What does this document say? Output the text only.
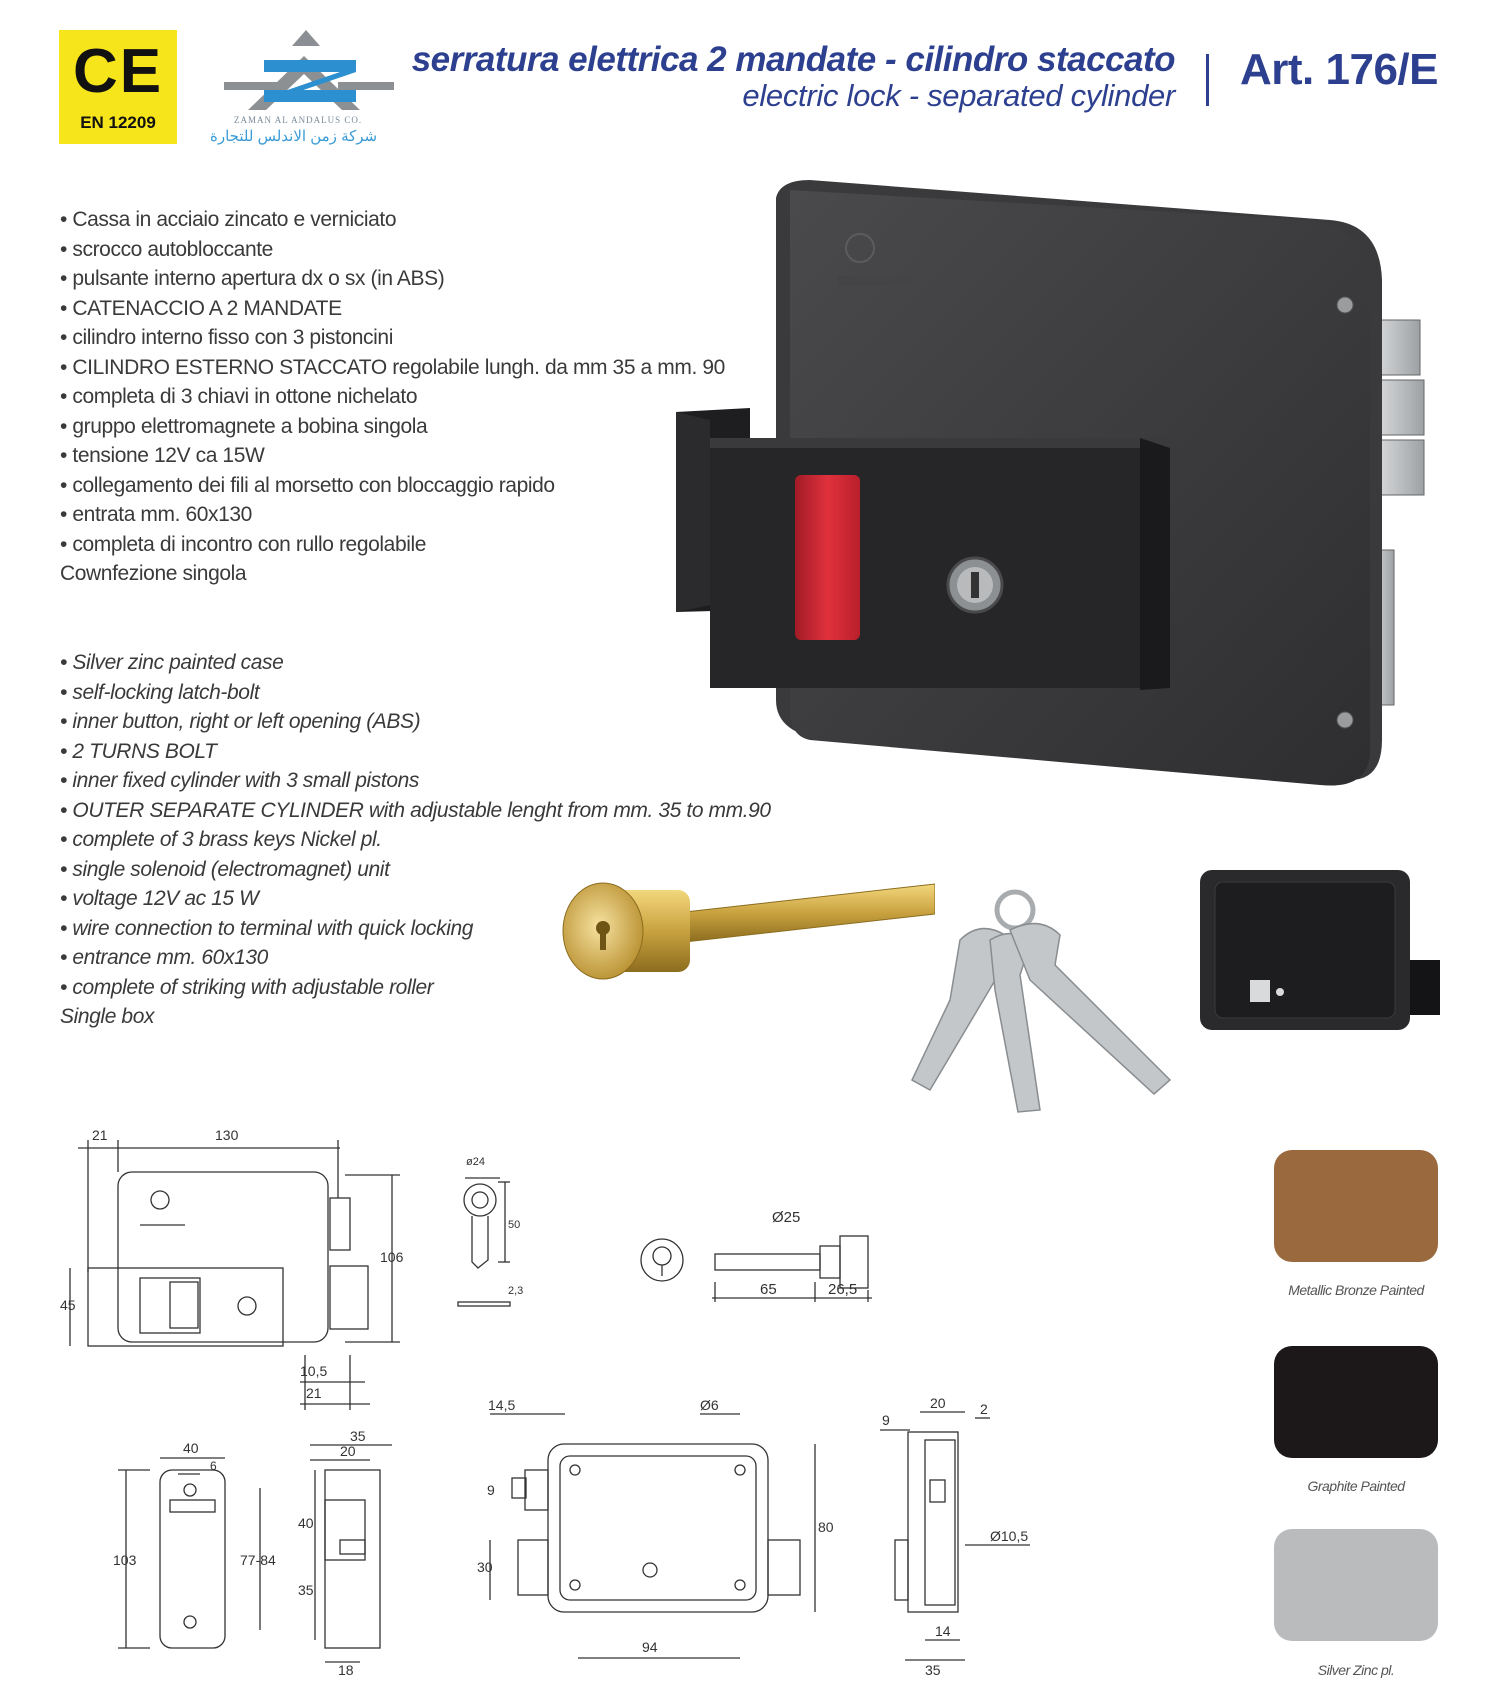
CE
EN 12209	ZAMAN AL ANDALUS CO.
شركة زمن الاندلس للتجارة
serratura elettrica 2 mandate - cilindro staccato
electric lock - separated cylinder
Art. 176/E
• Cassa in acciaio zincato e verniciato
• scrocco autobloccante
• pulsante interno apertura dx o sx (in ABS)
• CATENACCIO A 2 MANDATE
• cilindro interno fisso con 3 pistoncini
• CILINDRO ESTERNO STACCATO regolabile lungh. da mm 35 a mm. 90
• completa di 3 chiavi in ottone nichelato
• gruppo elettromagnete a bobina singola
• tensione 12V ca 15W
• collegamento dei fili al morsetto con bloccaggio rapido
• entrata mm. 60x130
• completa di incontro con rullo regolabile
Cownfezione singola
• Silver zinc painted case
• self-locking latch-bolt
• inner button, right or left opening (ABS)
• 2 TURNS BOLT
• inner fixed cylinder with 3 small pistons
• OUTER SEPARATE CYLINDER with adjustable lenght from mm. 35 to mm.90
• complete of 3 brass keys Nickel pl.
• single solenoid (electromagnet) unit
• voltage 12V ac 15 W
• wire connection to terminal with quick locking
• entrance mm. 60x130
• complete of striking with adjustable roller
Single box
21	130
106
45
10,5
21
ø24
50
2,3
Ø25
65	26,5
40
6
103	77-84
35
20
40
35
18
14,5	Ø6
9
30
80
94
20 2
9
Ø10,5
14
35
Metallic Bronze Painted
Graphite Painted
Silver Zinc pl.
